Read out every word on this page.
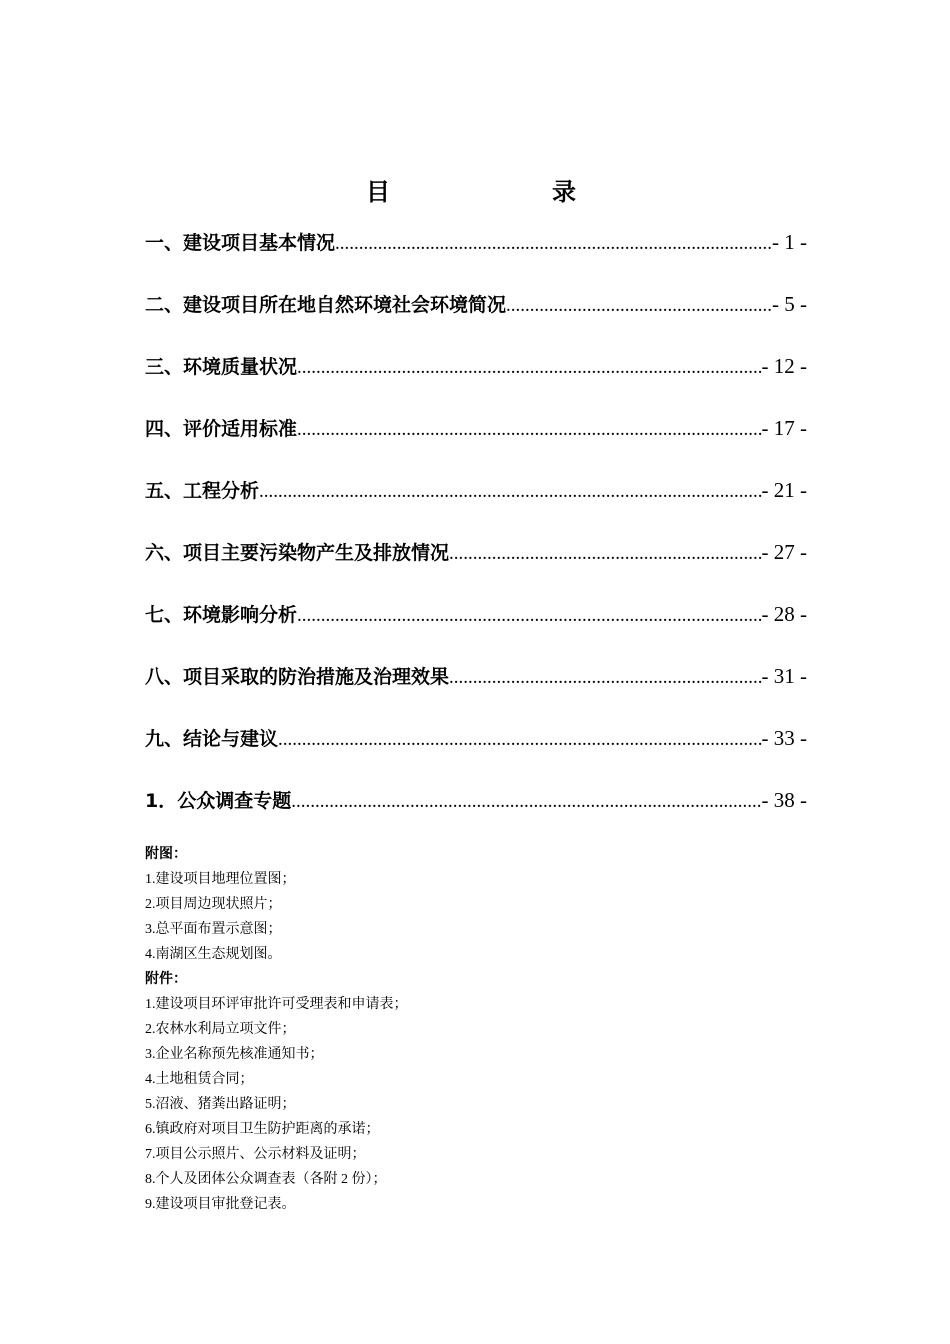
目　　录
一、建设项目基本情况 .....	- 1 -
二、建设项目所在地自然环境社会环境简况 .....	- 5 -
三、环境质量状况 .....	- 12 -
四、评价适用标准 .....	- 17 -
五、工程分析 .....	- 21 -
六、项目主要污染物产生及排放情况 .....	- 27 -
七、环境影响分析 .....	- 28 -
八、项目采取的防治措施及治理效果 .....	- 31 -
九、结论与建议 .....	- 33 -
1．公众调查专题 .....	- 38 -
附图：
1.建设项目地理位置图；
2.项目周边现状照片；
3.总平面布置示意图；
4.南湖区生态规划图。
附件：
1.建设项目环评审批许可受理表和申请表；
2.农林水利局立项文件；
3.企业名称预先核准通知书；
4.土地租赁合同；
5.沼液、猪粪出路证明；
6.镇政府对项目卫生防护距离的承诺；
7.项目公示照片、公示材料及证明；
8.个人及团体公众调查表（各附 2 份）；
9.建设项目审批登记表。
